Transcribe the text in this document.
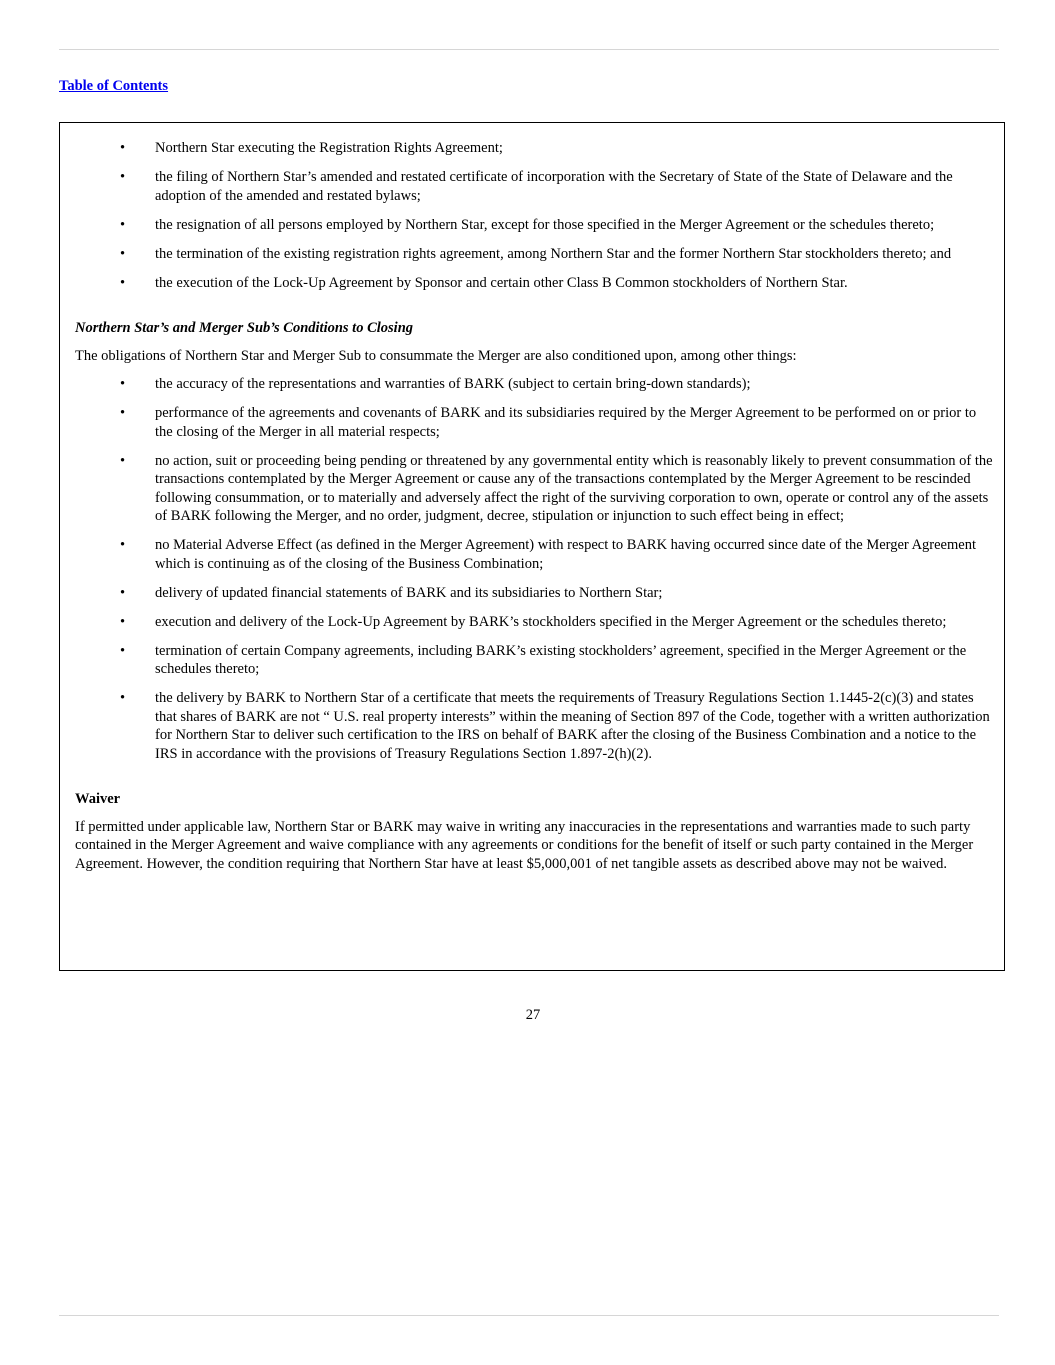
Table of Contents
• Northern Star executing the Registration Rights Agreement;
• the filing of Northern Star’s amended and restated certificate of incorporation with the Secretary of State of the State of Delaware and the adoption of the amended and restated bylaws;
• the resignation of all persons employed by Northern Star, except for those specified in the Merger Agreement or the schedules thereto;
• the termination of the existing registration rights agreement, among Northern Star and the former Northern Star stockholders thereto; and
• the execution of the Lock-Up Agreement by Sponsor and certain other Class B Common stockholders of Northern Star.
Northern Star’s and Merger Sub’s Conditions to Closing
The obligations of Northern Star and Merger Sub to consummate the Merger are also conditioned upon, among other things:
• the accuracy of the representations and warranties of BARK (subject to certain bring-down standards);
• performance of the agreements and covenants of BARK and its subsidiaries required by the Merger Agreement to be performed on or prior to the closing of the Merger in all material respects;
• no action, suit or proceeding being pending or threatened by any governmental entity which is reasonably likely to prevent consummation of the transactions contemplated by the Merger Agreement or cause any of the transactions contemplated by the Merger Agreement to be rescinded following consummation, or to materially and adversely affect the right of the surviving corporation to own, operate or control any of the assets of BARK following the Merger, and no order, judgment, decree, stipulation or injunction to such effect being in effect;
• no Material Adverse Effect (as defined in the Merger Agreement) with respect to BARK having occurred since date of the Merger Agreement which is continuing as of the closing of the Business Combination;
• delivery of updated financial statements of BARK and its subsidiaries to Northern Star;
• execution and delivery of the Lock-Up Agreement by BARK’s stockholders specified in the Merger Agreement or the schedules thereto;
• termination of certain Company agreements, including BARK’s existing stockholders’ agreement, specified in the Merger Agreement or the schedules thereto;
• the delivery by BARK to Northern Star of a certificate that meets the requirements of Treasury Regulations Section 1.1445-2(c)(3) and states that shares of BARK are not “ U.S. real property interests” within the meaning of Section 897 of the Code, together with a written authorization for Northern Star to deliver such certification to the IRS on behalf of BARK after the closing of the Business Combination and a notice to the IRS in accordance with the provisions of Treasury Regulations Section 1.897-2(h)(2).
Waiver
If permitted under applicable law, Northern Star or BARK may waive in writing any inaccuracies in the representations and warranties made to such party contained in the Merger Agreement and waive compliance with any agreements or conditions for the benefit of itself or such party contained in the Merger Agreement. However, the condition requiring that Northern Star have at least $5,000,001 of net tangible assets as described above may not be waived.
27
